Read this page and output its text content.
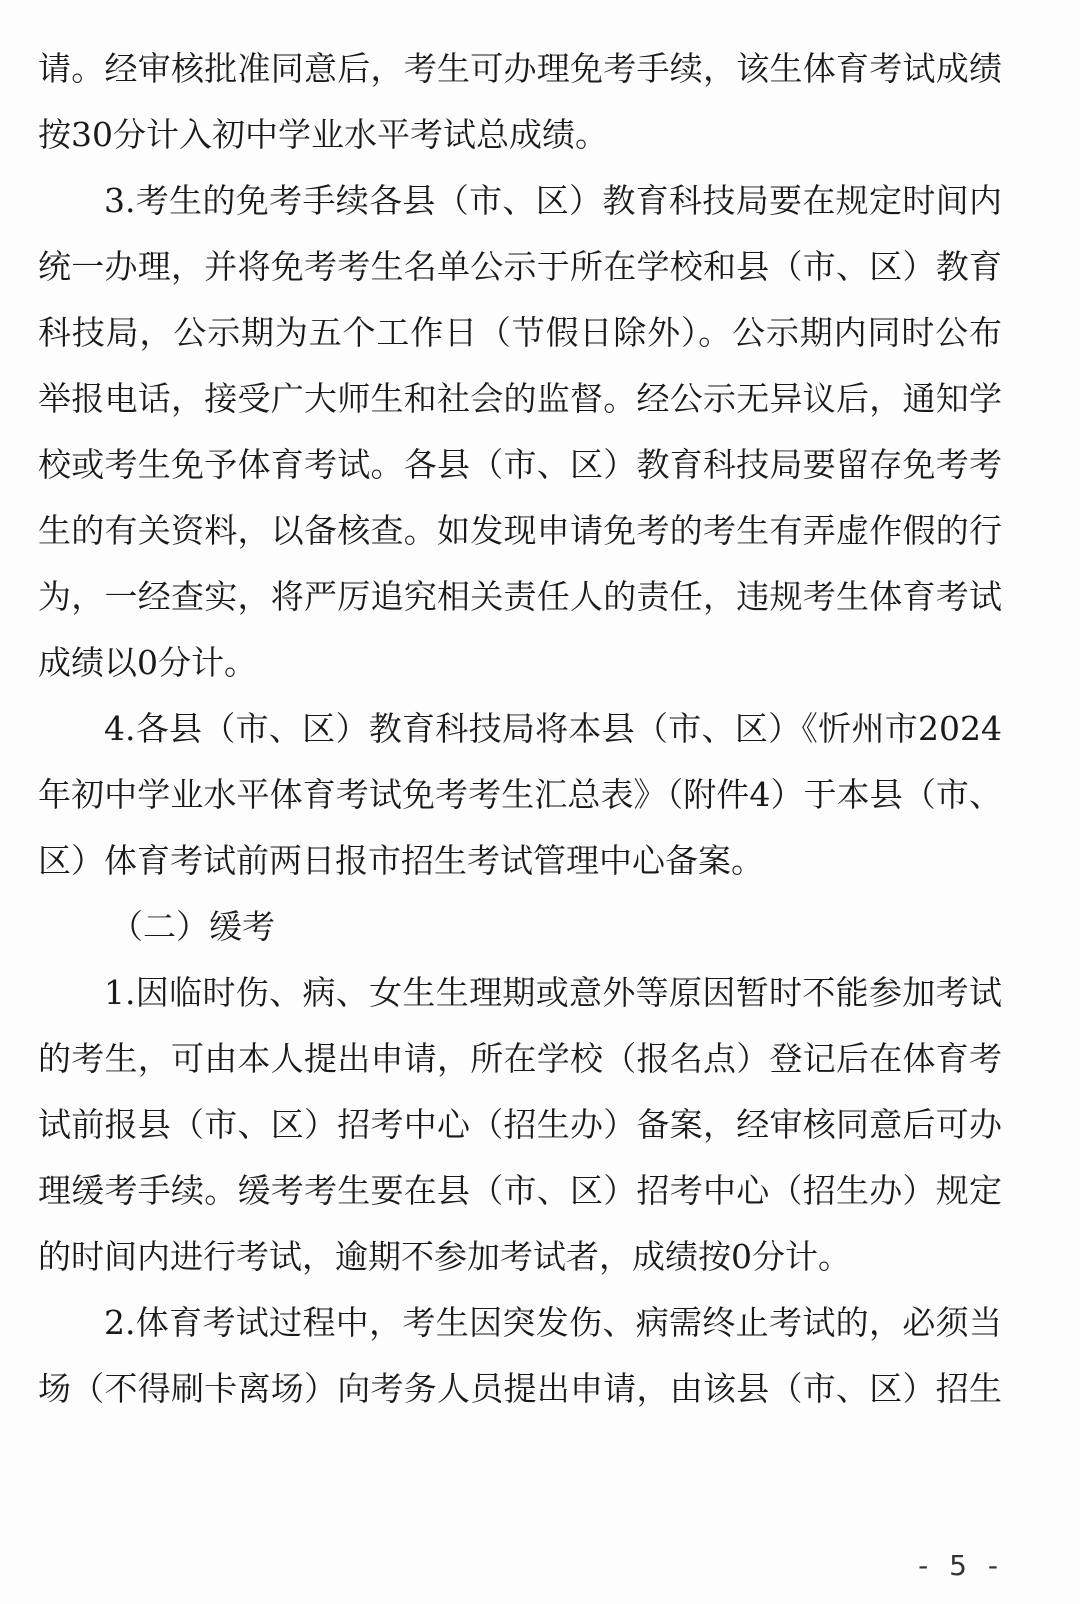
请。经审核批准同意后，考生可办理免考手续，该生体育考试成绩
按30分计入初中学业水平考试总成绩。
3.考生的免考手续各县（市、区）教育科技局要在规定时间内
统一办理，并将免考考生名单公示于所在学校和县（市、区）教育
科技局，公示期为五个工作日（节假日除外）。公示期内同时公布
举报电话，接受广大师生和社会的监督。经公示无异议后，通知学
校或考生免予体育考试。各县（市、区）教育科技局要留存免考考
生的有关资料，以备核查。如发现申请免考的考生有弄虚作假的行
为，一经查实，将严厉追究相关责任人的责任，违规考生体育考试
成绩以0分计。
4.各县（市、区）教育科技局将本县（市、区）《忻州市2024
年初中学业水平体育考试免考考生汇总表》（附件4）于本县（市、
区）体育考试前两日报市招生考试管理中心备案。
（二）缓考
1.因临时伤、病、女生生理期或意外等原因暂时不能参加考试
的考生，可由本人提出申请，所在学校（报名点）登记后在体育考
试前报县（市、区）招考中心（招生办）备案，经审核同意后可办
理缓考手续。缓考考生要在县（市、区）招考中心（招生办）规定
的时间内进行考试，逾期不参加考试者，成绩按0分计。
2.体育考试过程中，考生因突发伤、病需终止考试的，必须当
场（不得刷卡离场）向考务人员提出申请，由该县（市、区）招生
- 5 -
